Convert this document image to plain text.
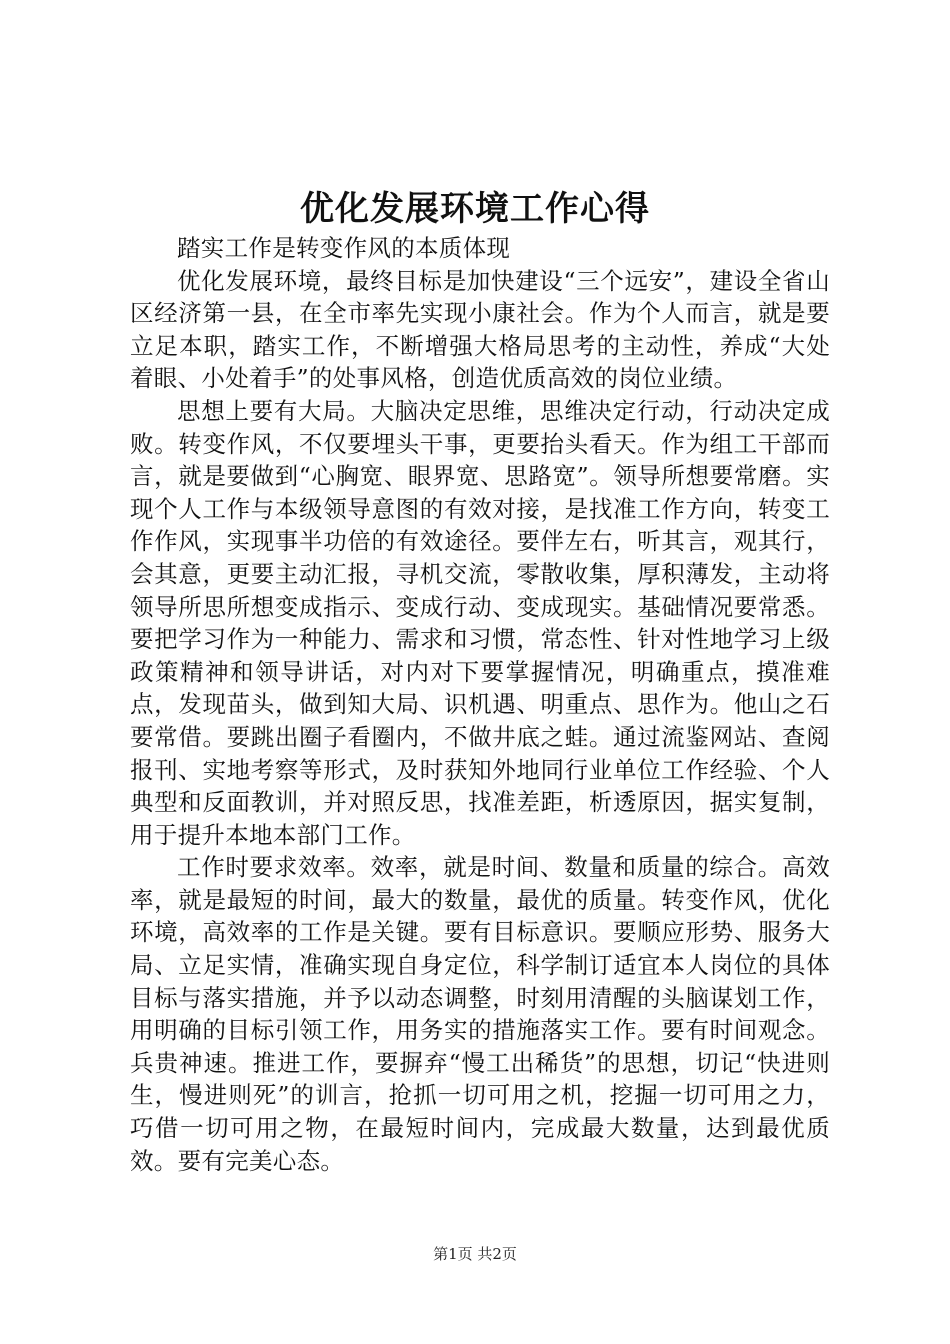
优化发展环境工作心得

踏实工作是转变作风的本质体现

优化发展环境，最终目标是加快建设“三个远安”，建设全省山区经济第一县，在全市率先实现小康社会。作为个人而言，就是要立足本职，踏实工作，不断增强大格局思考的主动性，养成“大处着眼、小处着手”的处事风格，创造优质高效的岗位业绩。

思想上要有大局。大脑决定思维，思维决定行动，行动决定成败。转变作风，不仅要埋头干事，更要抬头看天。作为组工干部而言，就是要做到“心胸宽、眼界宽、思路宽”。领导所想要常磨。实现个人工作与本级领导意图的有效对接，是找准工作方向，转变工作作风，实现事半功倍的有效途径。要伴左右，听其言，观其行，会其意，更要主动汇报，寻机交流，零散收集，厚积薄发，主动将领导所思所想变成指示、变成行动、变成现实。基础情况要常悉。要把学习作为一种能力、需求和习惯，常态性、针对性地学习上级政策精神和领导讲话，对内对下要掌握情况，明确重点，摸准难点，发现苗头，做到知大局、识机遇、明重点、思作为。他山之石要常借。要跳出圈子看圈内，不做井底之蛙。通过流鉴网站、查阅报刊、实地考察等形式，及时获知外地同行业单位工作经验、个人典型和反面教训，并对照反思，找准差距，析透原因，据实复制，用于提升本地本部门工作。

工作时要求效率。效率，就是时间、数量和质量的综合。高效率，就是最短的时间，最大的数量，最优的质量。转变作风，优化环境，高效率的工作是关键。要有目标意识。要顺应形势、服务大局、立足实情，准确实现自身定位，科学制订适宜本人岗位的具体目标与落实措施，并予以动态调整，时刻用清醒的头脑谋划工作，用明确的目标引领工作，用务实的措施落实工作。要有时间观念。兵贵神速。推进工作，要摒弃“慢工出稀货”的思想，切记“快进则生，慢进则死”的训言，抢抓一切可用之机，挖掘一切可用之力，巧借一切可用之物，在最短时间内，完成最大数量，达到最优质效。要有完美心态。

第1页 共2页
